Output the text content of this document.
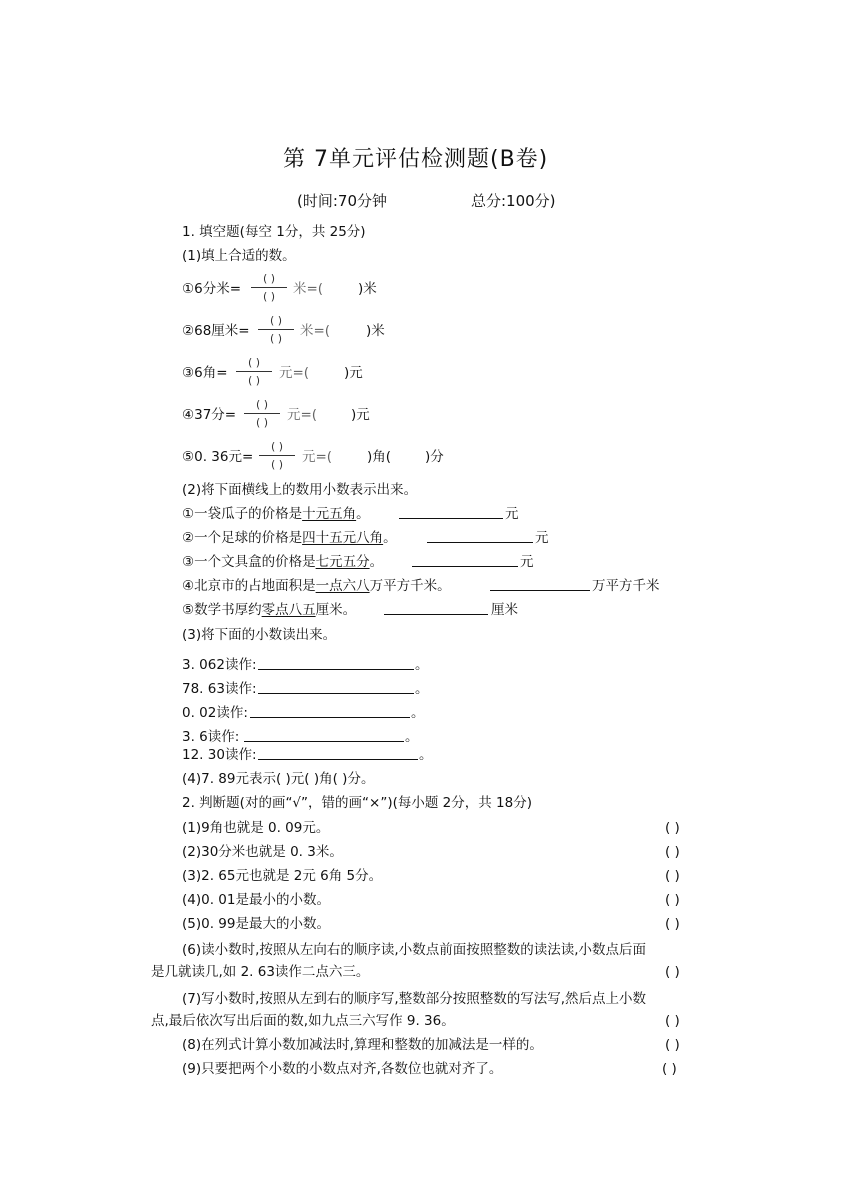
第 7单元评估检测题(B卷)
(时间:70分钟	总分:100分)
1. 填空题(每空 1分，共 25分)
(1)填上合适的数。
①6分米=
( )
( )	米=(	)米
②68厘米=
( )
( )	米=(	)米
③6角=
( )
( )	元=(	)元
④37分=
( )
( )	元=(	)元
⑤0. 36元=
( )
( )	元=(	)角(	)分
(2)将下面横线上的数用小数表示出来。
①一袋瓜子的价格是十元五角。	元
②一个足球的价格是四十五元八角。	元
③一个文具盒的价格是七元五分。	元
④北京市的占地面积是一点六八万平方千米。	万平方千米
⑤数学书厚约零点八五厘米。	厘米
(3)将下面的小数读出来。
3. 062读作:	。
78. 63读作:	。
0. 02读作:	。
3. 6读作:	。
12. 30读作:	。
(4)7. 89元表示( )元( )角( )分。
2. 判断题(对的画“√”，错的画“×”)(每小题 2分，共 18分)
(1)9角也就是 0. 09元。	( )
(2)30分米也就是 0. 3米。	( )
(3)2. 65元也就是 2元 6角 5分。	( )
(4)0. 01是最小的小数。	( )
(5)0. 99是最大的小数。	( )
(6)读小数时,按照从左向右的顺序读,小数点前面按照整数的读法读,小数点后面
是几就读几,如 2. 63读作二点六三。	( )
(7)写小数时,按照从左到右的顺序写,整数部分按照整数的写法写,然后点上小数
点,最后依次写出后面的数,如九点三六写作 9. 36。	( )
(8)在列式计算小数加减法时,算理和整数的加减法是一样的。	( )
(9)只要把两个小数的小数点对齐,各数位也就对齐了。	( )
